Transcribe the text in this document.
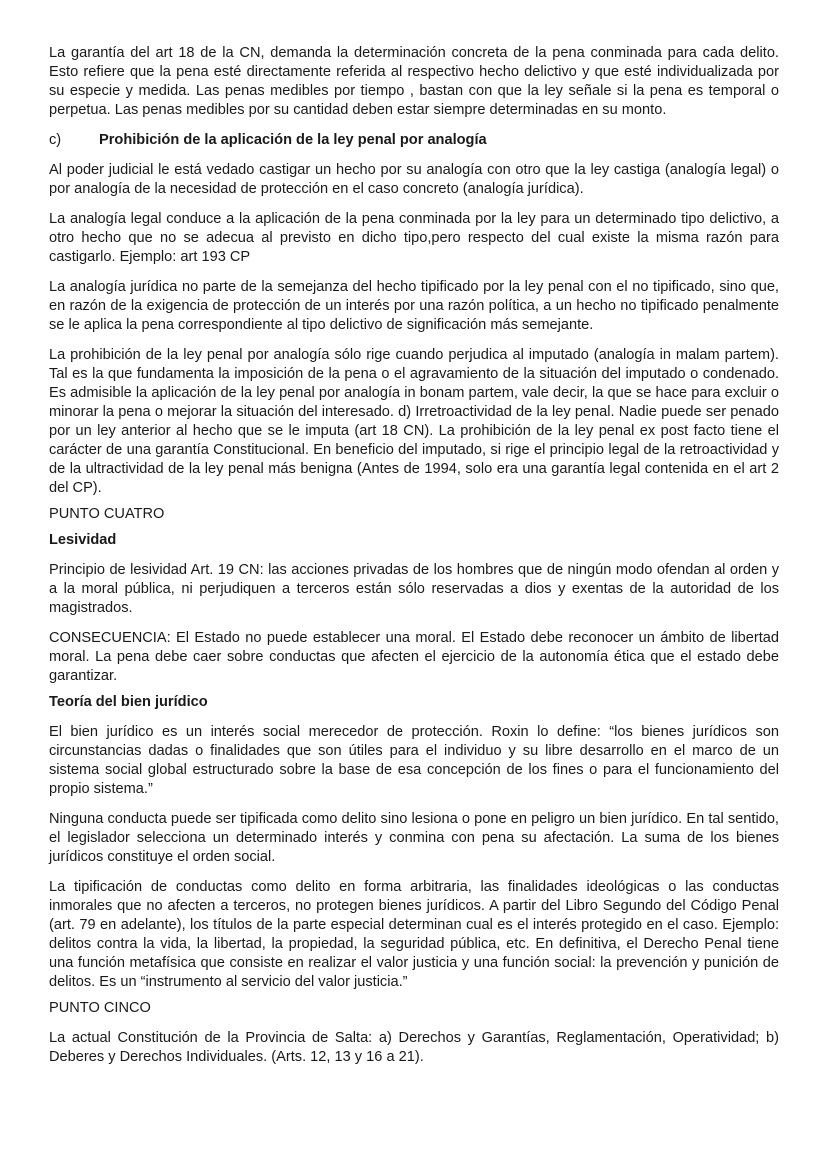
La garantía del art 18 de la CN, demanda la determinación concreta de la pena conminada para cada delito. Esto refiere que la pena esté directamente referida al respectivo hecho delictivo y que esté individualizada por su especie y medida. Las penas medibles por tiempo , bastan con que la ley señale si la pena es temporal o perpetua. Las penas medibles por su cantidad deben estar siempre determinadas en su monto.

c)	Prohibición de la aplicación de la ley penal por analogía

Al poder judicial le está vedado castigar un hecho por su analogía con otro que la ley castiga (analogía legal) o por analogía de la necesidad de protección en el caso concreto (analogía jurídica).

La analogía legal conduce a la aplicación de la pena conminada por la ley para un determinado tipo delictivo, a otro hecho que no se adecua al previsto en dicho tipo,pero respecto del cual existe la misma razón para castigarlo. Ejemplo: art 193 CP

La analogía jurídica no parte de la semejanza del hecho tipificado por la ley penal con el no tipificado, sino que, en razón de la exigencia de protección de un interés por una razón política, a un hecho no tipificado penalmente se le aplica la pena correspondiente al tipo delictivo de significación más semejante.

La prohibición de la ley penal por analogía sólo rige cuando perjudica al imputado (analogía in malam partem). Tal es la que fundamenta la imposición de la pena o el agravamiento de la situación del imputado o condenado. Es admisible la aplicación de la ley penal por analogía in bonam partem, vale decir, la que se hace para excluir o minorar la pena o mejorar la situación del interesado. d) Irretroactividad de la ley penal. Nadie puede ser penado por un ley anterior al hecho que se le imputa (art 18 CN). La prohibición de la ley penal ex post facto tiene el carácter de una garantía Constitucional. En beneficio del imputado, si rige el principio legal de la retroactividad y de la ultractividad de la ley penal más benigna (Antes de 1994, solo era una garantía legal contenida en el art 2 del CP).

PUNTO CUATRO

Lesividad

Principio de lesividad Art. 19 CN: las acciones privadas de los hombres que de ningún modo ofendan al orden y a la moral pública, ni perjudiquen a terceros están sólo reservadas a dios y exentas de la autoridad de los magistrados.

CONSECUENCIA: El Estado no puede establecer una moral. El Estado debe reconocer un ámbito de libertad moral. La pena debe caer sobre conductas que afecten el ejercicio de la autonomía ética que el estado debe garantizar.

Teoría del bien jurídico

El bien jurídico es un interés social merecedor de protección. Roxin lo define: “los bienes jurídicos son circunstancias dadas o finalidades que son útiles para el individuo y su libre desarrollo en el marco de un sistema social global estructurado sobre la base de esa concepción de los fines o para el funcionamiento del propio sistema.”

Ninguna conducta puede ser tipificada como delito sino lesiona o pone en peligro un bien jurídico. En tal sentido, el legislador selecciona un determinado interés y conmina con pena su afectación. La suma de los bienes jurídicos constituye el orden social.

La tipificación de conductas como delito en forma arbitraria, las finalidades ideológicas o las conductas inmorales que no afecten a terceros, no protegen bienes jurídicos. A partir del Libro Segundo del Código Penal (art. 79 en adelante), los títulos de la parte especial determinan cual es el interés protegido en el caso. Ejemplo: delitos contra la vida, la libertad, la propiedad, la seguridad pública, etc. En definitiva, el Derecho Penal tiene una función metafísica que consiste en realizar el valor justicia y una función social: la prevención y punición de delitos. Es un “instrumento al servicio del valor justicia.”

PUNTO CINCO

La actual Constitución de la Provincia de Salta: a) Derechos y Garantías, Reglamentación, Operatividad; b) Deberes y Derechos Individuales. (Arts. 12, 13 y 16 a 21).
